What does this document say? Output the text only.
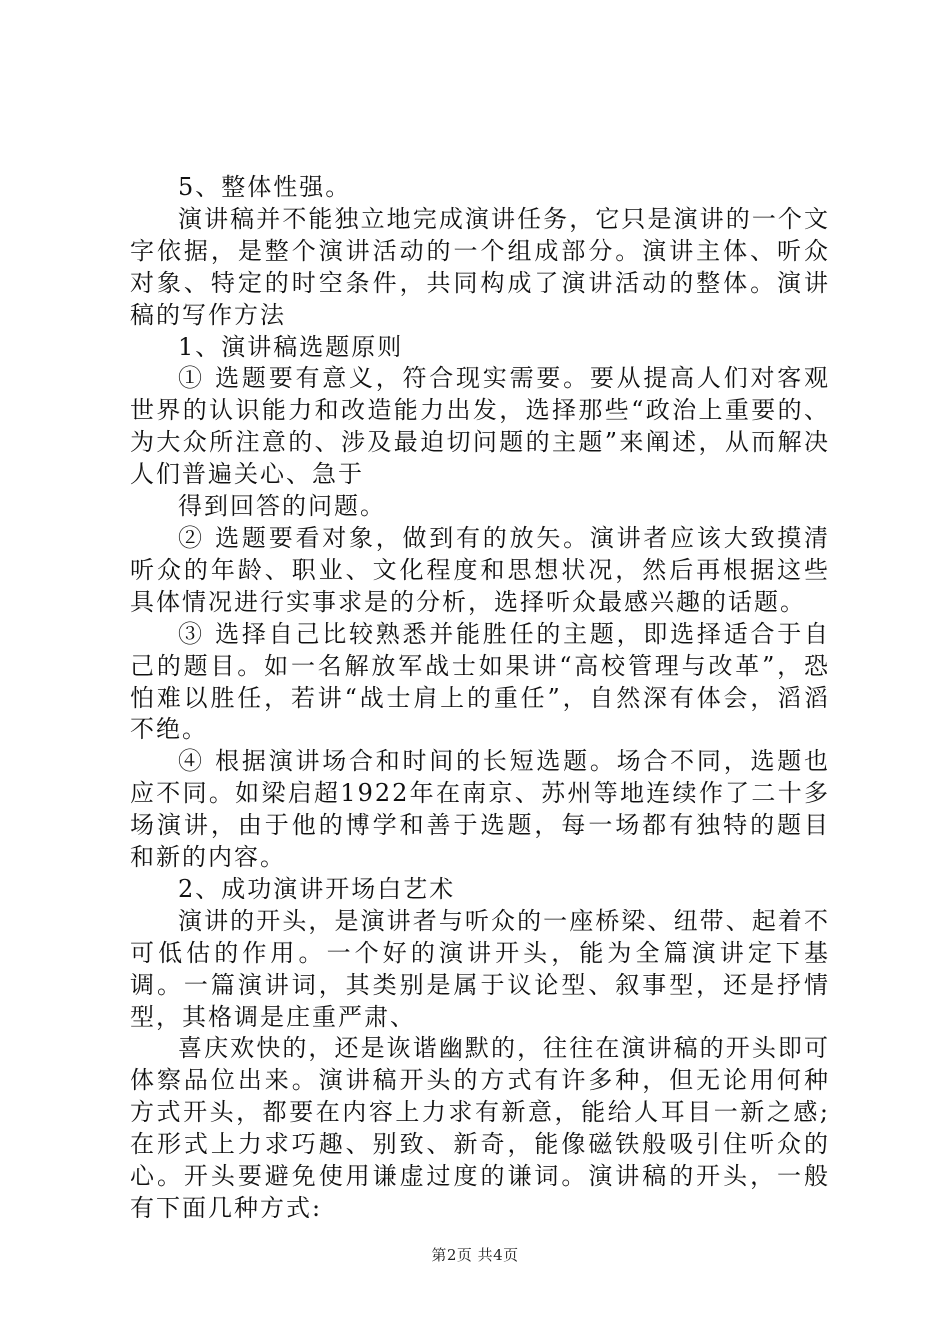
5、整体性强。

演讲稿并不能独立地完成演讲任务，它只是演讲的一个文字依据，是整个演讲活动的一个组成部分。演讲主体、听众对象、特定的时空条件，共同构成了演讲活动的整体。演讲稿的写作方法

1、演讲稿选题原则

① 选题要有意义，符合现实需要。要从提高人们对客观世界的认识能力和改造能力出发，选择那些“政治上重要的、为大众所注意的、涉及最迫切问题的主题”来阐述，从而解决人们普遍关心、急于

得到回答的问题。

② 选题要看对象，做到有的放矢。演讲者应该大致摸清听众的年龄、职业、文化程度和思想状况，然后再根据这些具体情况进行实事求是的分析，选择听众最感兴趣的话题。

③ 选择自己比较熟悉并能胜任的主题，即选择适合于自己的题目。如一名解放军战士如果讲“高校管理与改革”，恐怕难以胜任，若讲“战士肩上的重任”，自然深有体会，滔滔不绝。

④ 根据演讲场合和时间的长短选题。场合不同，选题也应不同。如梁启超1922年在南京、苏州等地连续作了二十多场演讲，由于他的博学和善于选题，每一场都有独特的题目和新的内容。

2、成功演讲开场白艺术

演讲的开头，是演讲者与听众的一座桥梁、纽带、起着不可低估的作用。一个好的演讲开头，能为全篇演讲定下基调。一篇演讲词，其类别是属于议论型、叙事型，还是抒情型，其格调是庄重严肃、

喜庆欢快的，还是诙谐幽默的，往往在演讲稿的开头即可体察品位出来。演讲稿开头的方式有许多种，但无论用何种方式开头，都要在内容上力求有新意，能给人耳目一新之感;在形式上力求巧趣、别致、新奇，能像磁铁般吸引住听众的心。开头要避免使用谦虚过度的谦词。演讲稿的开头，一般有下面几种方式:

第2页 共4页
